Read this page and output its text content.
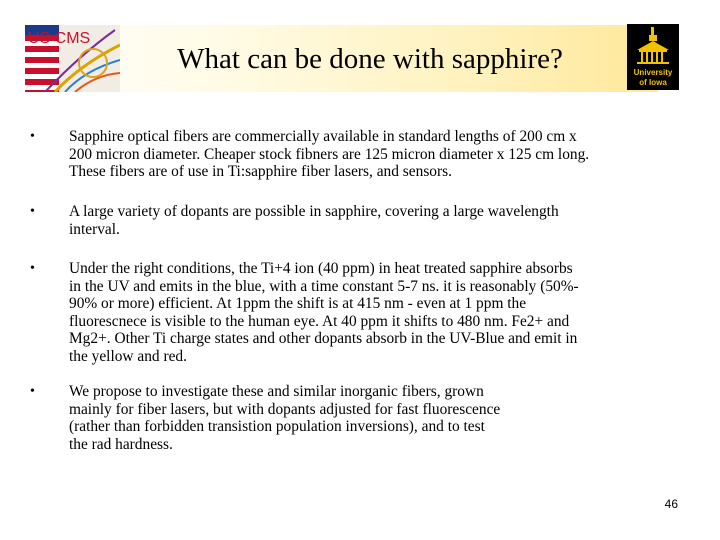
US CMS
University
of Iowa
What can be done with sapphire?
• Sapphire optical fibers are commercially available in standard lengths of 200 cm x
200 micron diameter. Cheaper stock fibners are 125 micron diameter x 125 cm long.
These fibers are of use in Ti:sapphire fiber lasers, and sensors.
• A large variety of dopants are possible in sapphire, covering a large wavelength
interval.
• Under the right conditions, the Ti+4 ion (40 ppm) in heat treated sapphire absorbs
in the UV and emits in the blue, with a time constant 5-7 ns. it is reasonably (50%-
90% or more) efficient. At 1ppm the shift is at 415 nm - even at 1 ppm the
fluorescnece is visible to the human eye. At 40 ppm it shifts to 480 nm. Fe2+ and
Mg2+. Other Ti charge states and other dopants absorb in the UV-Blue and emit in
the yellow and red.
• We propose to investigate these and similar inorganic fibers, grown
mainly for fiber lasers, but with dopants adjusted for fast fluorescence
(rather than forbidden transistion population inversions), and to test
the rad hardness.
46
